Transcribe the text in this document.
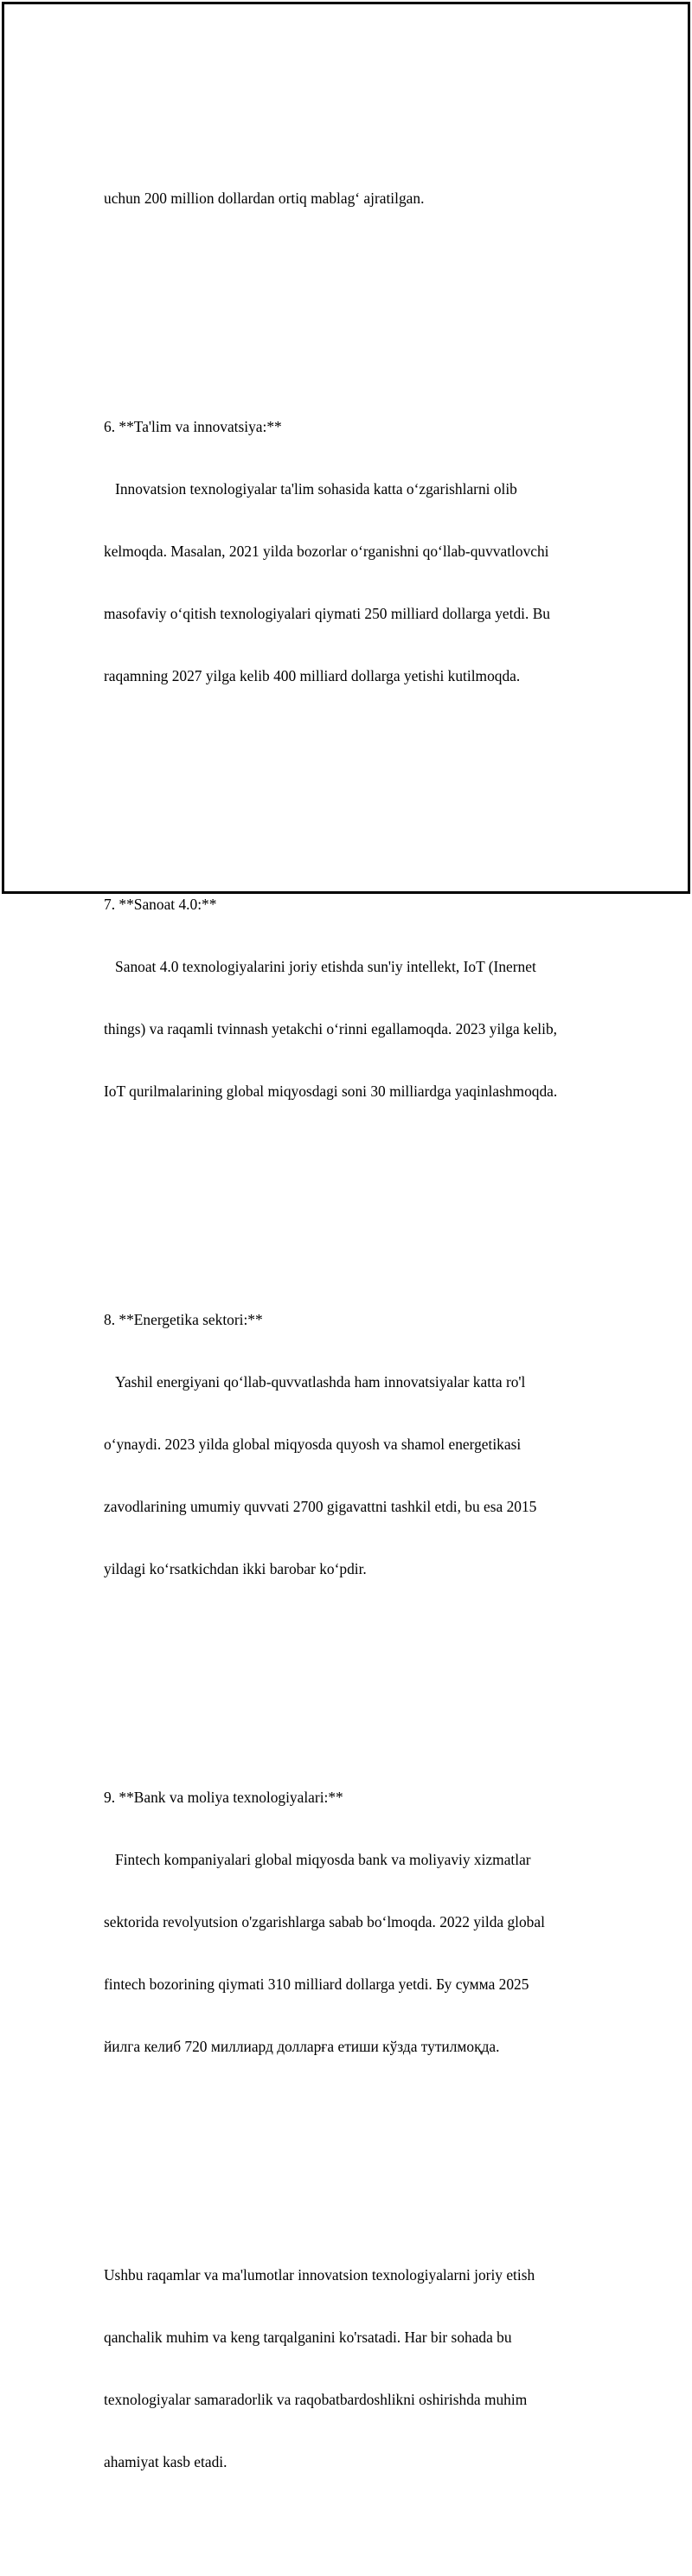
uchun 200 million dollardan ortiq mablag‘ ajratilgan.

6. **Ta'lim va innovatsiya:**

Innovatsion texnologiyalar ta'lim sohasida katta o‘zgarishlarni olib

kelmoqda. Masalan, 2021 yilda bozorlar o‘rganishni qo‘llab-quvvatlovchi

masofaviy o‘qitish texnologiyalari qiymati 250 milliard dollarga yetdi. Bu

raqamning 2027 yilga kelib 400 milliard dollarga yetishi kutilmoqda.

7. **Sanoat 4.0:**

Sanoat 4.0 texnologiyalarini joriy etishda sun'iy intellekt, IoT (Inernet

things) va raqamli tvinnash yetakchi o‘rinni egallamoqda. 2023 yilga kelib,

IoT qurilmalarining global miqyosdagi soni 30 milliardga yaqinlashmoqda.

8. **Energetika sektori:**

Yashil energiyani qo‘llab-quvvatlashda ham innovatsiyalar katta ro'l

o‘ynaydi. 2023 yilda global miqyosda quyosh va shamol energetikasi

zavodlarining umumiy quvvati 2700 gigavattni tashkil etdi, bu esa 2015

yildagi ko‘rsatkichdan ikki barobar ko‘pdir.

9. **Bank va moliya texnologiyalari:**

Fintech kompaniyalari global miqyosda bank va moliyaviy xizmatlar

sektorida revolyutsion o'zgarishlarga sabab bo‘lmoqda. 2022 yilda global

fintech bozorining qiymati 310 milliard dollarga yetdi. Бу сумма 2025

йилга келиб 720 миллиард долларға етиши кўзда тутилмоқда.

Ushbu raqamlar va ma'lumotlar innovatsion texnologiyalarni joriy etish

qanchalik muhim va keng tarqalganini ko'rsatadi. Har bir sohada bu

texnologiyalar samaradorlik va raqobatbardoshlikni oshirishda muhim

ahamiyat kasb etadi.
